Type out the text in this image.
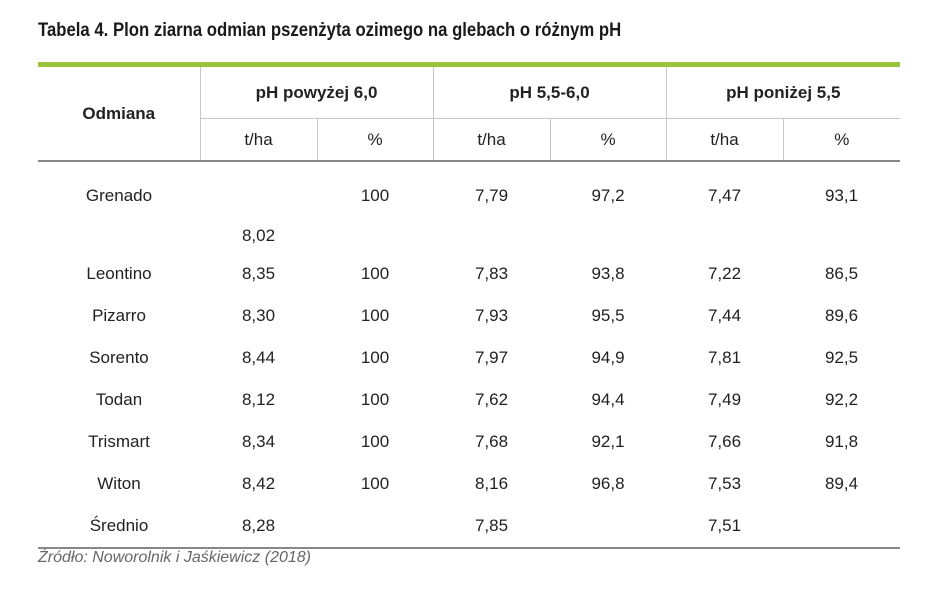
Tabela 4. Plon ziarna odmian pszenżyta ozimego na glebach o różnym pH
Odmiana	pH powyżej 6,0		pH 5,5-6,0		pH poniżej 5,5	
	t/ha	%	t/ha	%	t/ha	%
Grenado	8,02	100	7,79	97,2	7,47	93,1
Leontino	8,35	100	7,83	93,8	7,22	86,5
Pizarro	8,30	100	7,93	95,5	7,44	89,6
Sorento	8,44	100	7,97	94,9	7,81	92,5
Todan	8,12	100	7,62	94,4	7,49	92,2
Trismart	8,34	100	7,68	92,1	7,66	91,8
Witon	8,42	100	8,16	96,8	7,53	89,4
Średnio	8,28		7,85		7,51	
Źródło: Noworolnik i Jaśkiewicz (2018)
